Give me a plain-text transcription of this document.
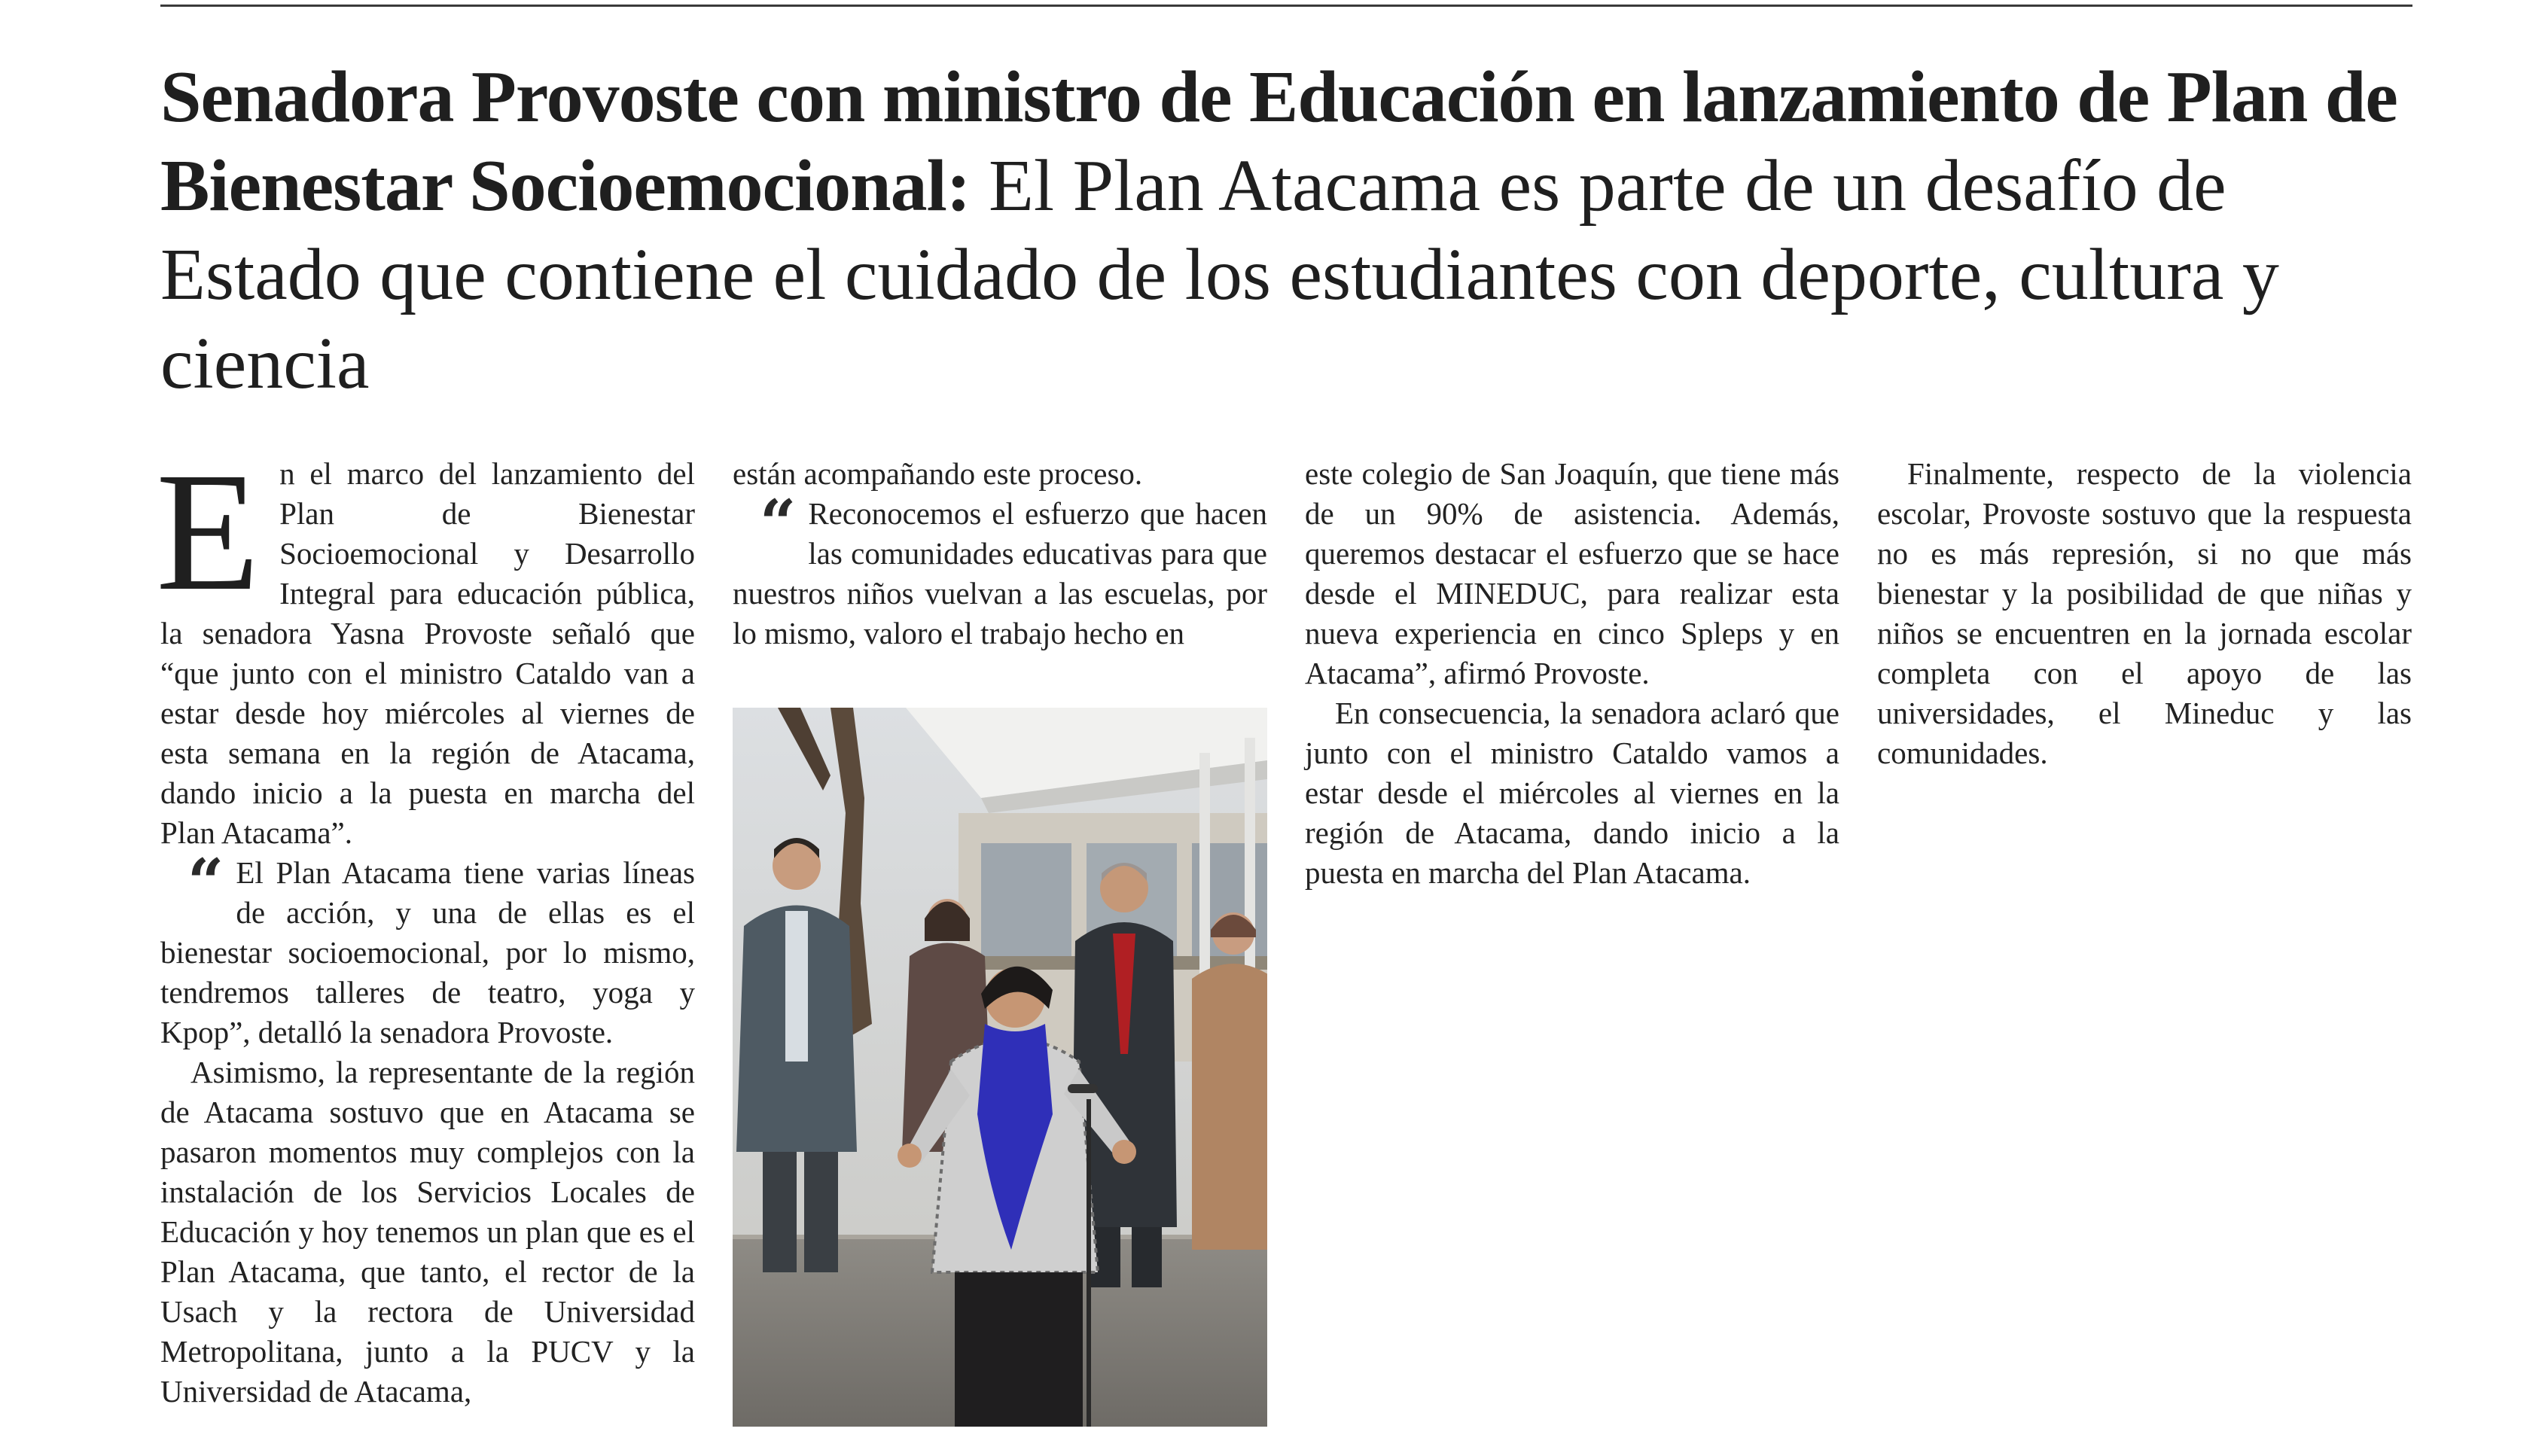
Senadora Provoste con ministro de Educación en lanzamiento de Plan de Bienestar Socioemocional: El Plan Atacama es parte de un desafío de Estado que contiene el cuidado de los estudiantes con deporte, cultura y ciencia

En el marco del lanzamiento del Plan de Bienestar Socioemocional y Desarrollo Integral para educación pública, la senadora Yasna Provoste señaló que “que junto con el ministro Cataldo van a estar desde hoy miércoles al viernes de esta semana en la región de Atacama, dando inicio a la puesta en marcha del Plan Atacama”.

“ El Plan Atacama tiene varias líneas de acción, y una de ellas es el bienestar socioemocional, por lo mismo, tendremos talleres de teatro, yoga y Kpop”, detalló la senadora Provoste.

Asimismo, la representante de la región de Atacama sostuvo que en Atacama se pasaron momentos muy complejos con la instalación de los Servicios Locales de Educación y hoy tenemos un plan que es el Plan Atacama, que tanto, el rector de la Usach y la rectora de Universidad Metropolitana, junto a la PUCV y la Universidad de Atacama,

están acompañando este proceso.

“ Reconocemos el esfuerzo que hacen las comunidades educativas para que nuestros niños vuelvan a las escuelas, por lo mismo, valoro el trabajo hecho en

este colegio de San Joaquín, que tiene más de un 90% de asistencia. Además, queremos destacar el esfuerzo que se hace desde el MINEDUC, para realizar esta nueva experiencia en cinco Spleps y en Atacama”, afirmó Provoste.

En consecuencia, la senadora aclaró que junto con el ministro Cataldo vamos a estar desde el miércoles al viernes en la región de Atacama, dando inicio a la puesta en marcha del Plan Atacama.

Finalmente, respecto de la violencia escolar, Provoste sostuvo que la respuesta no es más represión, si no que más bienestar y la posibilidad de que niñas y niños se encuentren en la jornada escolar completa con el apoyo de las universidades, el Mineduc y las comunidades.
